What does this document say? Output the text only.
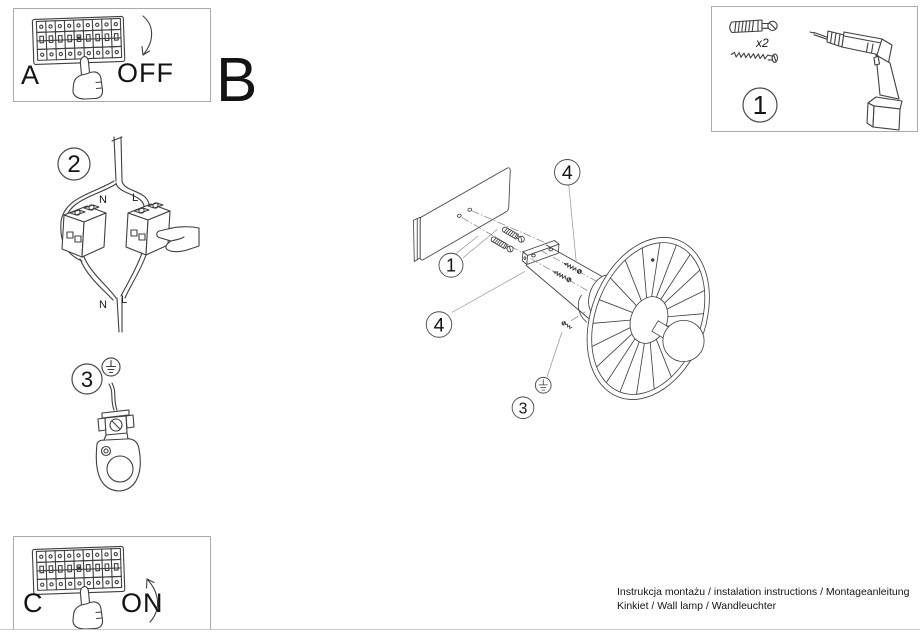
A	OFF B
x2
1
2
N L
N L
3
1
4
4
3
C	ON	Instrukcja montażu / instalation instructions / Montageanleitung
Kinkiet / Wall lamp / Wandleuchter
